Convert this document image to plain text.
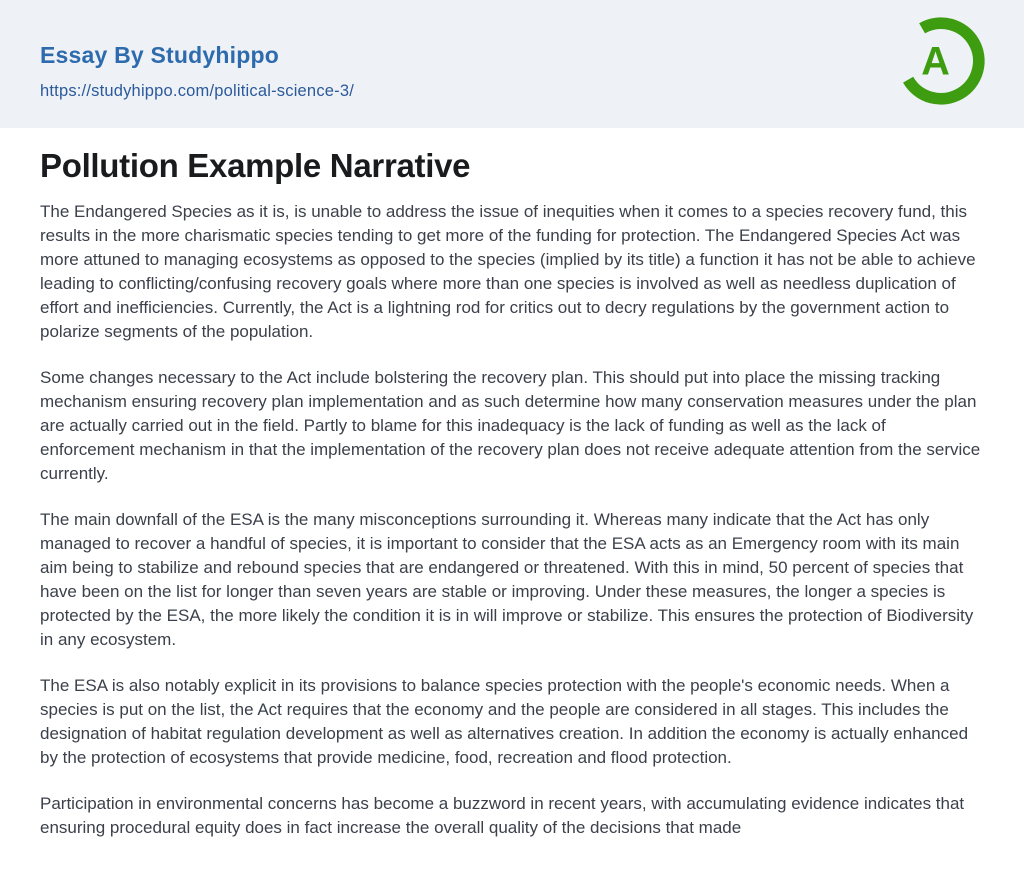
Essay By Studyhippo
https://studyhippo.com/political-science-3/
A
Pollution Example Narrative

The Endangered Species as it is, is unable to address the issue of inequities when it comes to a species recovery fund, this results in the more charismatic species tending to get more of the funding for protection. The Endangered Species Act was more attuned to managing ecosystems as opposed to the species (implied by its title) a function it has not be able to achieve leading to conflicting/confusing recovery goals where more than one species is involved as well as needless duplication of effort and inefficiencies. Currently, the Act is a lightning rod for critics out to decry regulations by the government action to polarize segments of the population.

Some changes necessary to the Act include bolstering the recovery plan. This should put into place the missing tracking mechanism ensuring recovery plan implementation and as such determine how many conservation measures under the plan are actually carried out in the field. Partly to blame for this inadequacy is the lack of funding as well as the lack of enforcement mechanism in that the implementation of the recovery plan does not receive adequate attention from the service currently.

The main downfall of the ESA is the many misconceptions surrounding it. Whereas many indicate that the Act has only managed to recover a handful of species, it is important to consider that the ESA acts as an Emergency room with its main aim being to stabilize and rebound species that are endangered or threatened. With this in mind, 50 percent of species that have been on the list for longer than seven years are stable or improving. Under these measures, the longer a species is protected by the ESA, the more likely the condition it is in will improve or stabilize. This ensures the protection of Biodiversity in any ecosystem.

The ESA is also notably explicit in its provisions to balance species protection with the people's economic needs. When a species is put on the list, the Act requires that the economy and the people are considered in all stages. This includes the designation of habitat regulation development as well as alternatives creation. In addition the economy is actually enhanced by the protection of ecosystems that provide medicine, food, recreation and flood protection.

Participation in environmental concerns has become a buzzword in recent years, with accumulating evidence indicates that ensuring procedural equity does in fact increase the overall quality of the decisions that made
